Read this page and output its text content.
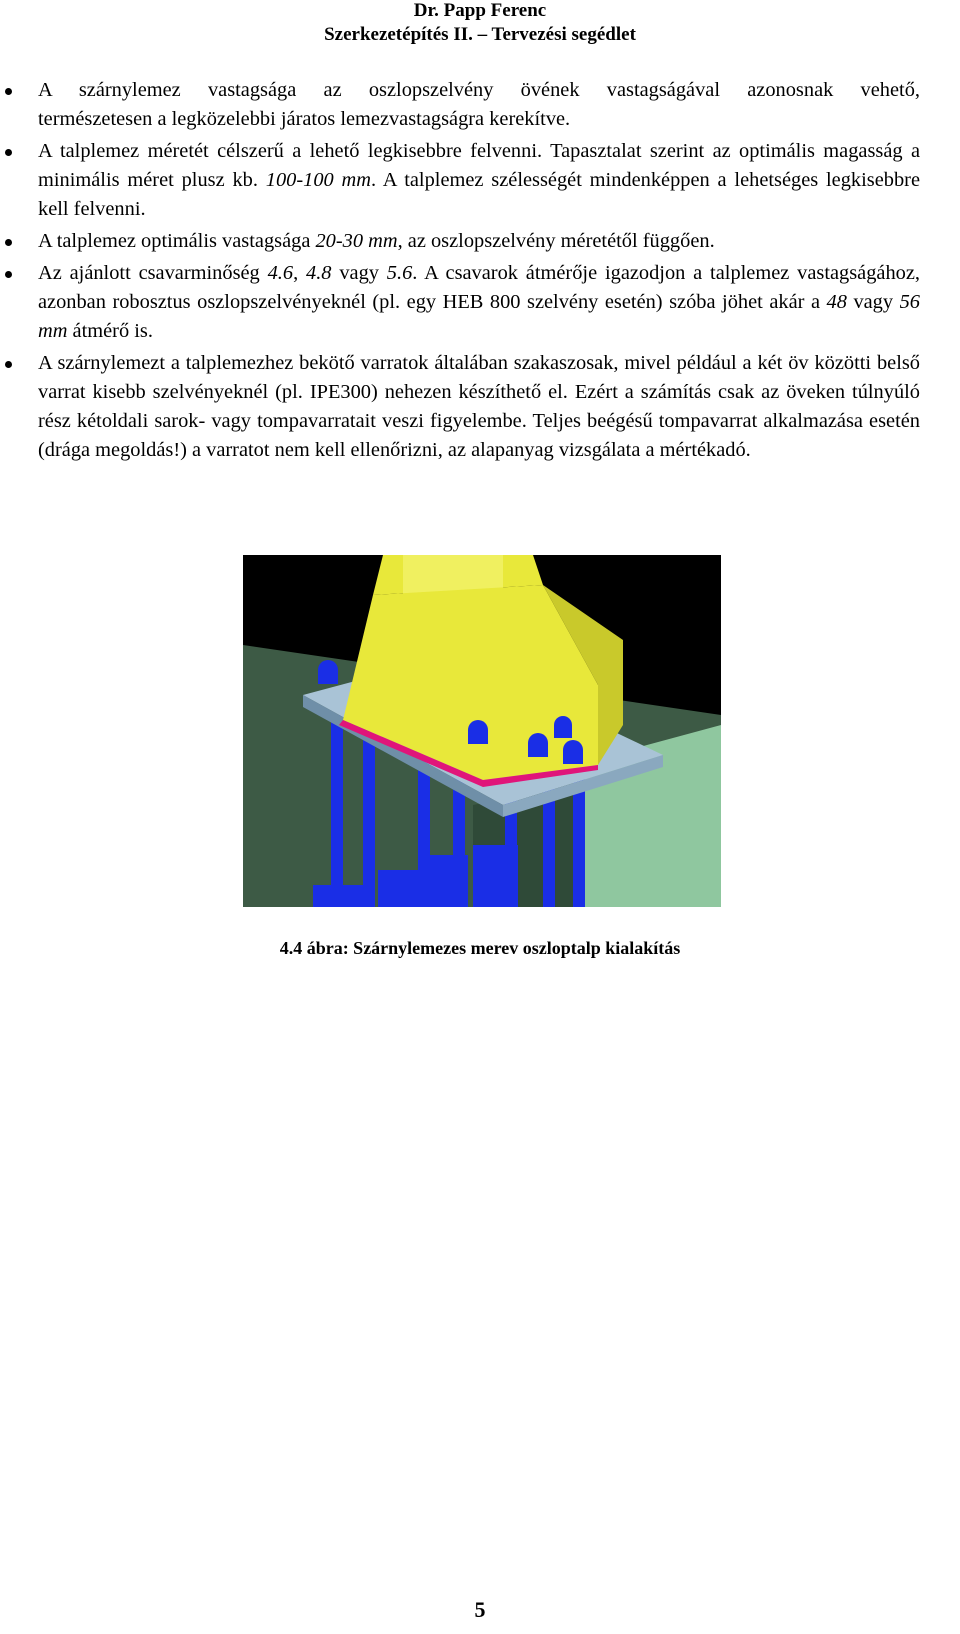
Dr. Papp Ferenc
Szerkezetépítés II. – Tervezési segédlet
A szárnylemez vastagsága az oszlopszelvény övének vastagságával azonosnak vehető,
természetesen a legközelebbi járatos lemezvastagságra kerekítve.
A talplemez méretét célszerű a lehető legkisebbre felvenni. Tapasztalat szerint az optimális magasság a minimális méret plusz kb. 100-100 mm. A talplemez szélességét mindenképpen a lehetséges legkisebbre kell felvenni.
A talplemez optimális vastagsága 20-30 mm, az oszlopszelvény méretétől függően.
Az ajánlott csavarminőség 4.6, 4.8 vagy 5.6. A csavarok átmérője igazodjon a talplemez vastagságához, azonban robosztus oszlopszelvényeknél (pl. egy HEB 800 szelvény esetén) szóba jöhet akár a 48 vagy 56 mm átmérő is.
A szárnylemezt a talplemezhez bekötő varratok általában szakaszosak, mivel például a két öv közötti belső varrat kisebb szelvényeknél (pl. IPE300) nehezen készíthető el. Ezért a számítás csak az öveken túlnyúló rész kétoldali sarok- vagy tompavarratait veszi figyelembe. Teljes beégésű tompavarrat alkalmazása esetén (drága megoldás!) a varratot nem kell ellenőrizni, az alapanyag vizsgálata a mértékadó.
4.4 ábra: Szárnylemezes merev oszloptalp kialakítás
5
